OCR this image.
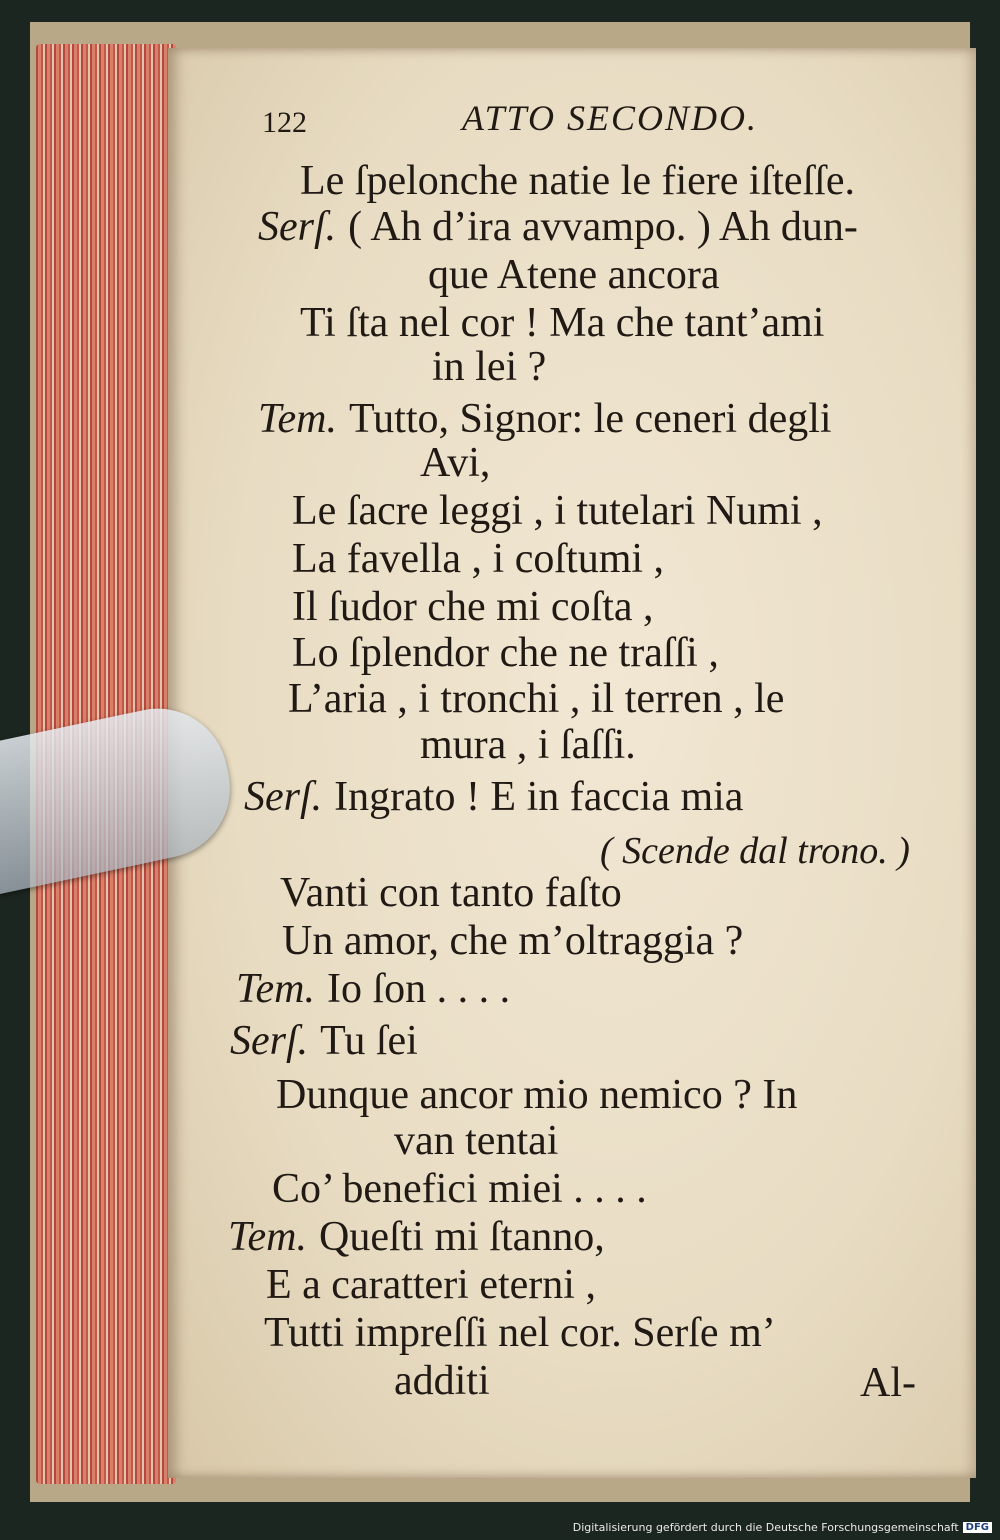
122	ATTO SECONDO.
Le ſpelonche natie le fiere iſteſſe.
Serſ. ( Ah d’ira avvampo. ) Ah dun-
que Atene ancora
Ti ſta nel cor ! Ma che tant’ami
in lei ?
Tem. Tutto, Signor: le ceneri degli
Avi,
Le ſacre leggi , i tutelari Numi ,
La favella , i coſtumi ,
Il ſudor che mi coſta ,
Lo ſplendor che ne traſſi ,
L’aria , i tronchi , il terren , le
mura , i ſaſſi.
Serſ. Ingrato ! E in faccia mia
( Scende dal trono. )
Vanti con tanto faſto
Un amor, che m’oltraggia ?
Tem. Io ſon . . . .
Serſ. Tu ſei
Dunque ancor mio nemico ? In
van tentai
Co’ benefici miei . . . .
Tem. Queſti mi ſtanno,
E a caratteri eterni ,
Tutti impreſſi nel cor. Serſe m’
additi	Al-
Digitalisierung gefördert durch die Deutsche Forschungsgemeinschaft DFG
